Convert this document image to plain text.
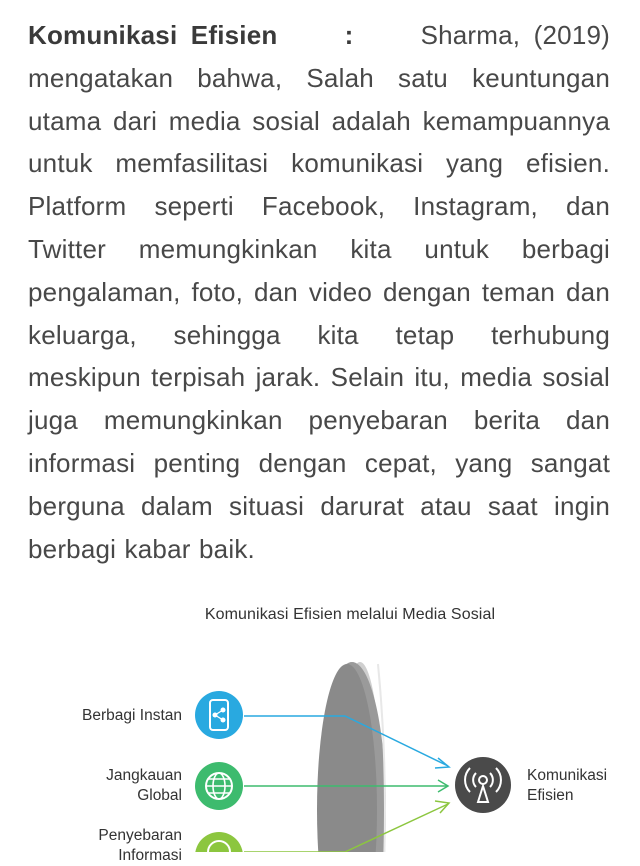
Komunikasi Efisien	:	Sharma, (2019) mengatakan bahwa, Salah satu keuntungan utama dari media sosial adalah kemampuannya untuk memfasilitasi komunikasi yang efisien. Platform seperti Facebook, Instagram, dan Twitter memungkinkan kita untuk berbagi pengalaman, foto, dan video dengan teman dan keluarga, sehingga kita tetap terhubung meskipun terpisah jarak. Selain itu, media sosial juga memungkinkan penyebaran berita dan informasi penting dengan cepat, yang sangat berguna dalam situasi darurat atau saat ingin berbagi kabar baik.
Komunikasi Efisien melalui Media Sosial
Berbagi Instan
Jangkauan
Global
Penyebaran
Informasi
Komunikasi
Efisien
